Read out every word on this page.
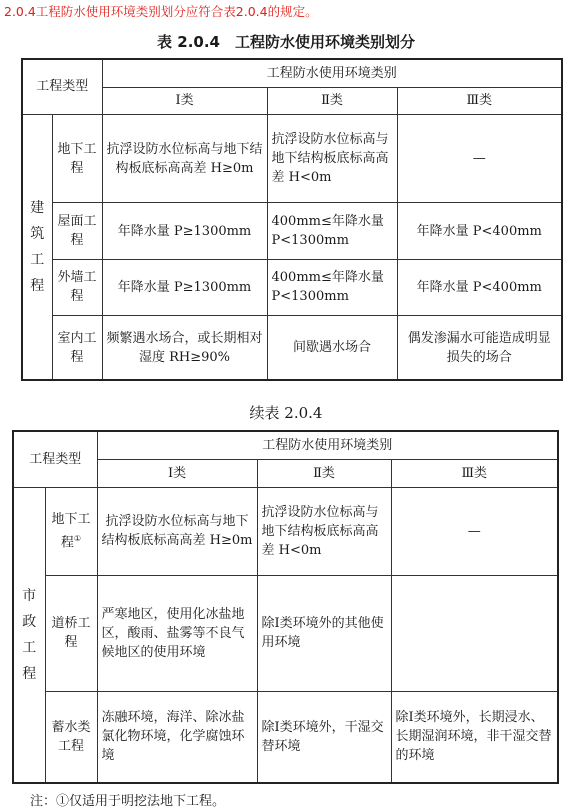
2.0.4工程防水使用环境类别划分应符合表2.0.4的规定。
表 2.0.4　工程防水使用环境类别划分
工程类型		工程防水使用环境类别		
		Ⅰ类	Ⅱ类	Ⅲ类

建
筑
工
程	地下工程	抗浮设防水位标高与地下结构板底标高高差 H≥0m	抗浮设防水位标高与地下结构板底标高高差 H<0m	—
	屋面工程	年降水量 P≥1300mm	400mm≤年降水量 P<1300mm	年降水量 P<400mm
	外墙工程	年降水量 P≥1300mm	400mm≤年降水量 P<1300mm	年降水量 P<400mm
	室内工程	频繁遇水场合，或长期相对湿度 RH≥90%	间歇遇水场合	偶发渗漏水可能造成明显损失的场合
续表 2.0.4
工程类型		工程防水使用环境类别		
		Ⅰ类	Ⅱ类	Ⅲ类

市
政
工
程	地下工程①	抗浮设防水位标高与地下结构板底标高高差 H≥0m	抗浮设防水位标高与地下结构板底标高高差 H<0m	—
	道桥工程	严寒地区，使用化冰盐地区，酸雨、盐雾等不良气候地区的使用环境	除Ⅰ类环境外的其他使用环境	
	蓄水类工程	冻融环境，海洋、除冰盐氯化物环境，化学腐蚀环境	除Ⅰ类环境外，干湿交替环境	除Ⅰ类环境外，长期浸水、长期湿润环境，非干湿交替的环境
注：①仅适用于明挖法地下工程。
